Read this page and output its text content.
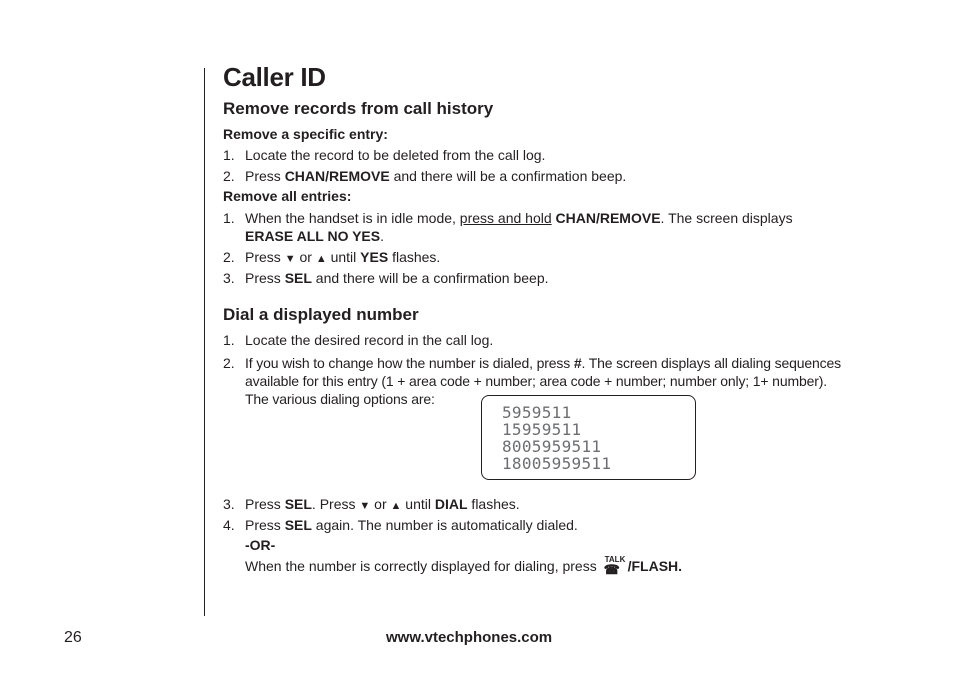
Caller ID
Remove records from call history
Remove a specific entry:
1. Locate the record to be deleted from the call log.
2. Press CHAN/REMOVE and there will be a confirmation beep.
Remove all entries:
1. When the handset is in idle mode, press and hold CHAN/REMOVE. The screen displays
ERASE ALL NO YES.
2. Press ▼ or ▲ until YES flashes.
3. Press SEL and there will be a confirmation beep.
Dial a displayed number
1. Locate the desired record in the call log.
2. If you wish to change how the number is dialed, press #. The screen displays all dialing sequences
available for this entry (1 + area code + number; area code + number; number only; 1+ number).
The various dialing options are:
5959511
15959511
8005959511
18005959511
3. Press SEL. Press ▼ or ▲ until DIAL flashes.
4. Press SEL again. The number is automatically dialed.
-OR-
When the number is correctly displayed for dialing, press TALK
☎ /FLASH.
26	www.vtechphones.com
